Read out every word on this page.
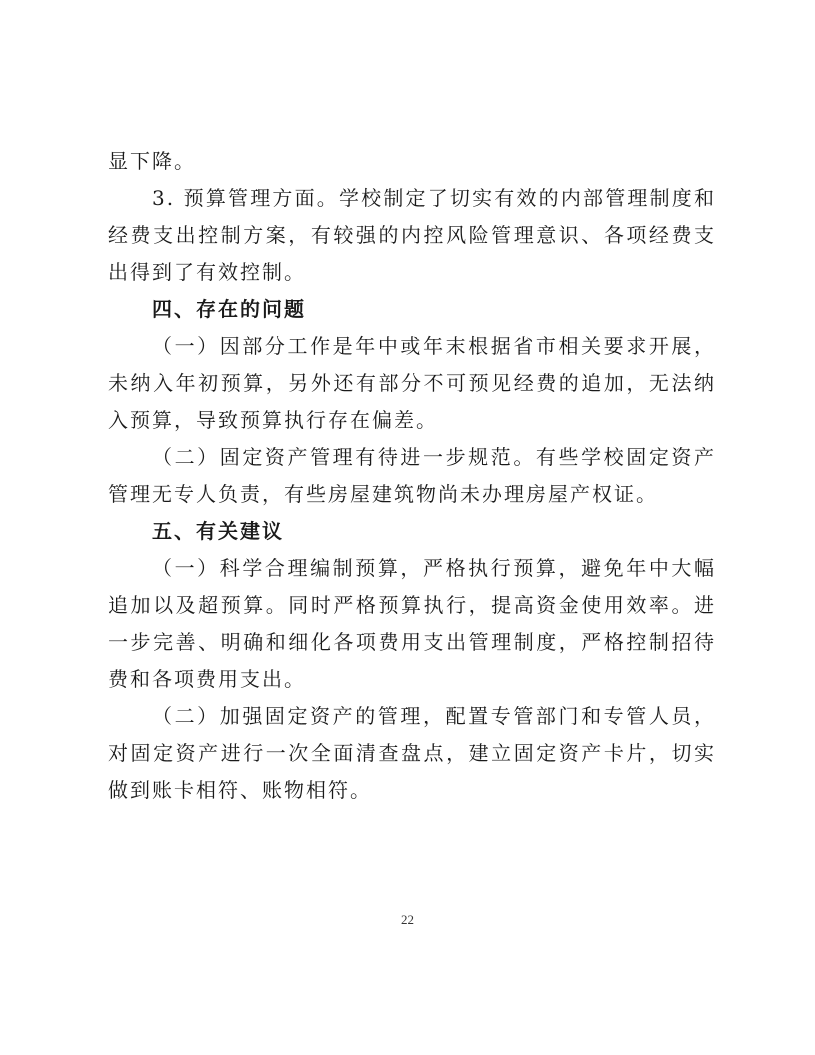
显下降。

3. 预算管理方面。学校制定了切实有效的内部管理制度和经费支出控制方案，有较强的内控风险管理意识、各项经费支出得到了有效控制。

四、存在的问题

（一）因部分工作是年中或年末根据省市相关要求开展，未纳入年初预算，另外还有部分不可预见经费的追加，无法纳入预算，导致预算执行存在偏差。

（二）固定资产管理有待进一步规范。有些学校固定资产管理无专人负责，有些房屋建筑物尚未办理房屋产权证。

五、有关建议

（一）科学合理编制预算，严格执行预算，避免年中大幅追加以及超预算。同时严格预算执行，提高资金使用效率。进一步完善、明确和细化各项费用支出管理制度，严格控制招待费和各项费用支出。

（二）加强固定资产的管理，配置专管部门和专管人员，对固定资产进行一次全面清查盘点，建立固定资产卡片，切实做到账卡相符、账物相符。

22
